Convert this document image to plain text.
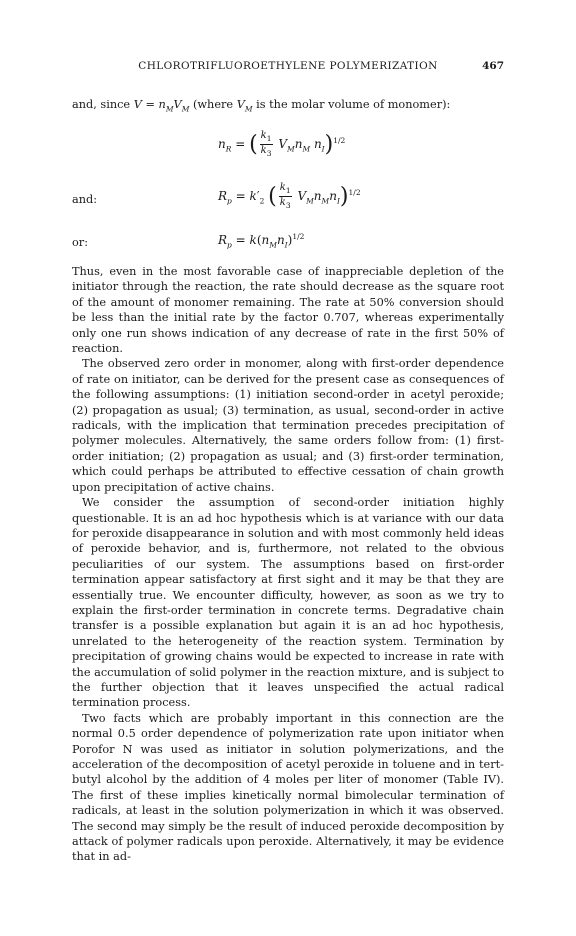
CHLOROTRIFLUOROETHYLENE POLYMERIZATION	467
and, since $V = n_MV_M$ (where $V_M$ is the molar volume of monomer):
$n_R$ = ( $\frac{k_1}{k_3} V_Mn_M$ $n_I)^{1/2}$
and:	$R_p = k'_2$ ( $\frac{k_1}{k_3} V_Mn_Mn_I)^{1/2}$
or:	$R_p = k(n_Mn_I)^{1/2}$

Thus, even in the most favorable case of inappreciable depletion of the initiator through the reaction, the rate should decrease as the square root of the amount of monomer remaining. The rate at 50% conversion should be less than the initial rate by the factor 0.707, whereas experimentally only one run shows indication of any decrease of rate in the first 50% of reaction.

The observed zero order in monomer, along with first-order dependence of rate on initiator, can be derived for the present case as consequences of the following assumptions: (1) initiation second-order in acetyl peroxide; (2) propagation as usual; (3) termination, as usual, second-order in active radicals, with the implication that termination precedes precipitation of polymer molecules. Alternatively, the same orders follow from: (1) first-order initiation; (2) propagation as usual; and (3) first-order termination, which could perhaps be attributed to effective cessation of chain growth upon precipitation of active chains.

We consider the assumption of second-order initiation highly questionable. It is an ad hoc hypothesis which is at variance with our data for peroxide disappearance in solution and with most commonly held ideas of peroxide behavior, and is, furthermore, not related to the obvious peculiarities of our system. The assumptions based on first-order termination appear satisfactory at first sight and it may be that they are essentially true. We encounter difficulty, however, as soon as we try to explain the first-order termination in concrete terms. Degradative chain transfer is a possible explanation but again it is an ad hoc hypothesis, unrelated to the heterogeneity of the reaction system. Termination by precipitation of growing chains would be expected to increase in rate with the accumulation of solid polymer in the reaction mixture, and is subject to the further objection that it leaves unspecified the actual radical termination process.

Two facts which are probably important in this connection are the normal 0.5 order dependence of polymerization rate upon initiator when Porofor N was used as initiator in solution polymerizations, and the acceleration of the decomposition of acetyl peroxide in toluene and in tert-butyl alcohol by the addition of 4 moles per liter of monomer (Table IV). The first of these implies kinetically normal bimolecular termination of radicals, at least in the solution polymerization in which it was observed. The second may simply be the result of induced peroxide decomposition by attack of polymer radicals upon peroxide. Alternatively, it may be evidence that in ad-
